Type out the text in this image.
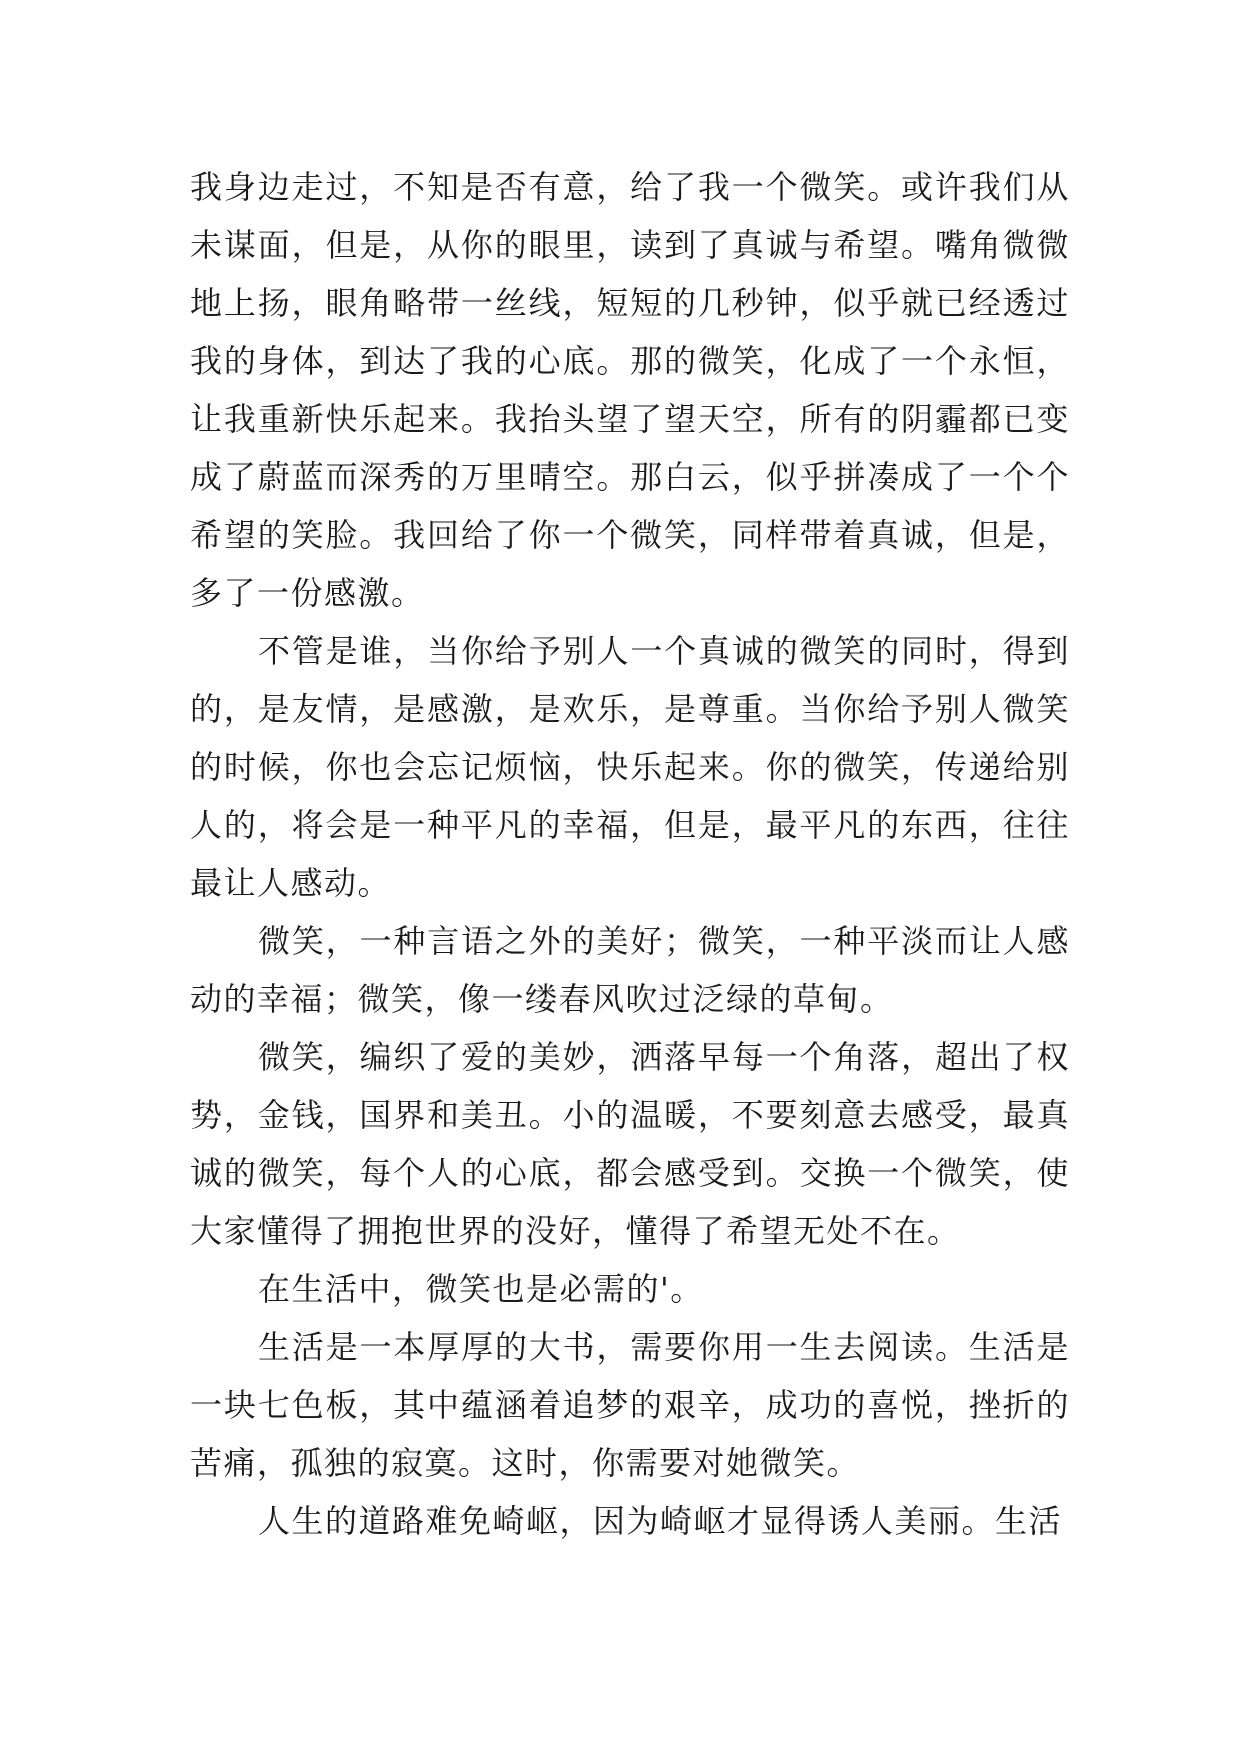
我身边走过，不知是否有意，给了我一个微笑。或许我们从未谋面，但是，从你的眼里，读到了真诚与希望。嘴角微微地上扬，眼角略带一丝线，短短的几秒钟，似乎就已经透过我的身体，到达了我的心底。那的微笑，化成了一个永恒，让我重新快乐起来。我抬头望了望天空，所有的阴霾都已变成了蔚蓝而深秀的万里晴空。那白云，似乎拼凑成了一个个希望的笑脸。我回给了你一个微笑，同样带着真诚，但是，多了一份感激。

不管是谁，当你给予别人一个真诚的微笑的同时，得到的，是友情，是感激，是欢乐，是尊重。当你给予别人微笑的时候，你也会忘记烦恼，快乐起来。你的微笑，传递给别人的，将会是一种平凡的幸福，但是，最平凡的东西，往往最让人感动。

微笑，一种言语之外的美好；微笑，一种平淡而让人感动的幸福；微笑，像一缕春风吹过泛绿的草甸。

微笑，编织了爱的美妙，洒落早每一个角落，超出了权势，金钱，国界和美丑。小的温暖，不要刻意去感受，最真诚的微笑，每个人的心底，都会感受到。交换一个微笑，使大家懂得了拥抱世界的没好，懂得了希望无处不在。

在生活中，微笑也是必需的'。

生活是一本厚厚的大书，需要你用一生去阅读。生活是一块七色板，其中蕴涵着追梦的艰辛，成功的喜悦，挫折的苦痛，孤独的寂寞。这时，你需要对她微笑。

人生的道路难免崎岖，因为崎岖才显得诱人美丽。生活
